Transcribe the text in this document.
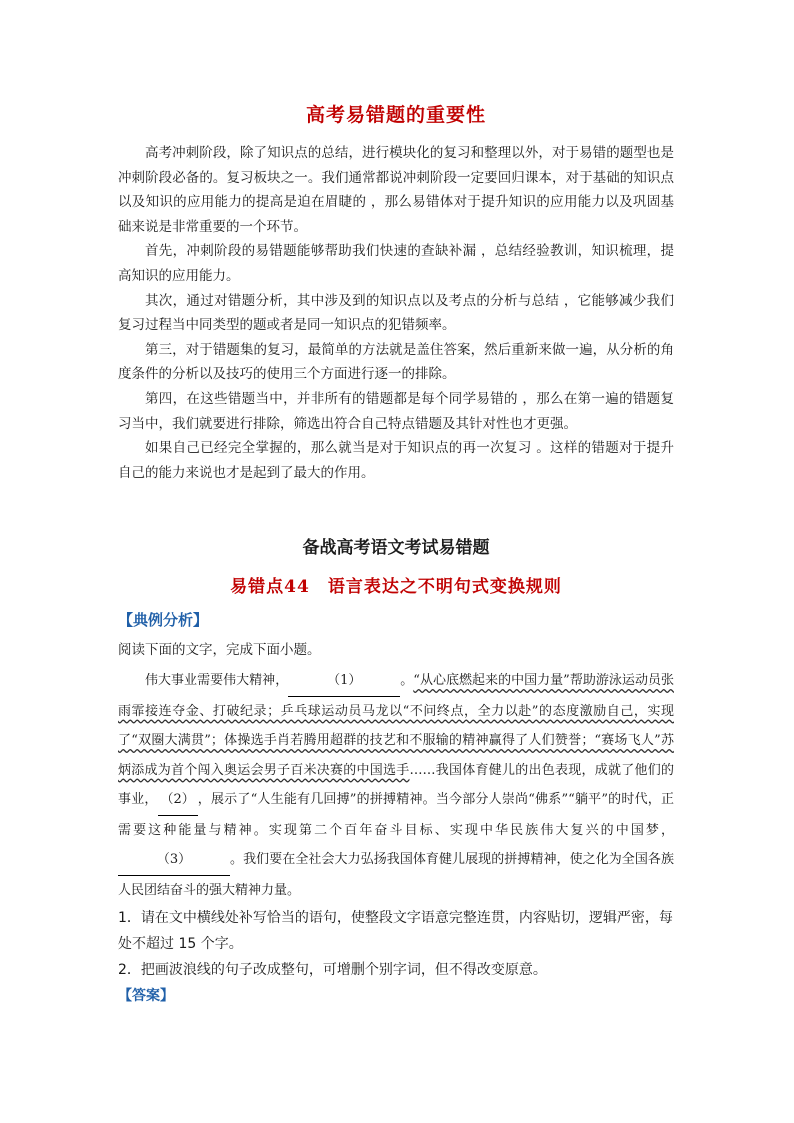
高考易错题的重要性

高考冲刺阶段，除了知识点的总结，进行模块化的复习和整理以外，对于易错的题型也是冲刺阶段必备的。复习板块之一。我们通常都说冲刺阶段一定要回归课本，对于基础的知识点以及知识的应用能力的提高是迫在眉睫的 ，那么易错体对于提升知识的应用能力以及巩固基础来说是非常重要的一个环节。

首先，冲刺阶段的易错题能够帮助我们快速的查缺补漏 ，总结经验教训，知识梳理，提高知识的应用能力。

其次，通过对错题分析，其中涉及到的知识点以及考点的分析与总结 ，它能够减少我们复习过程当中同类型的题或者是同一知识点的犯错频率。

第三，对于错题集的复习，最简单的方法就是盖住答案，然后重新来做一遍，从分析的角度条件的分析以及技巧的使用三个方面进行逐一的排除。

第四，在这些错题当中，并非所有的错题都是每个同学易错的 ，那么在第一遍的错题复习当中，我们就要进行排除，筛选出符合自己特点错题及其针对性也才更强。

如果自己已经完全掌握的，那么就当是对于知识点的再一次复习 。这样的错题对于提升自己的能力来说也才是起到了最大的作用。

备战高考语文考试易错题
易错点44　语言表达之不明句式变换规则
【典例分析】

阅读下面的文字，完成下面小题。

伟大事业需要伟大精神，	（1）	。“从心底燃起来的中国力量”帮助游泳运动员张雨霏接连夺金、打破纪录；乒乓球运动员马龙以“不问终点，全力以赴”的态度激励自己，实现了“双圈大满贯”；体操选手肖若腾用超群的技艺和不服输的精神赢得了人们赞誉；“赛场飞人”苏炳添成为首个闯入奥运会男子百米决赛的中国选手……我国体育健儿的出色表现，成就了他们的事业， （2） ，展示了“人生能有几回搏”的拼搏精神。当今部分人崇尚“佛系”“躺平”的时代，正需要这种能量与精神。实现第二个百年奋斗目标、实现中华民族伟大复兴的中国梦，（3）	。我们要在全社会大力弘扬我国体育健儿展现的拼搏精神，使之化为全国各族人民团结奋斗的强大精神力量。

1．请在文中横线处补写恰当的语句，使整段文字语意完整连贯，内容贴切，逻辑严密，每处不超过 15 个字。

2．把画波浪线的句子改成整句，可增删个别字词，但不得改变原意。

【答案】
